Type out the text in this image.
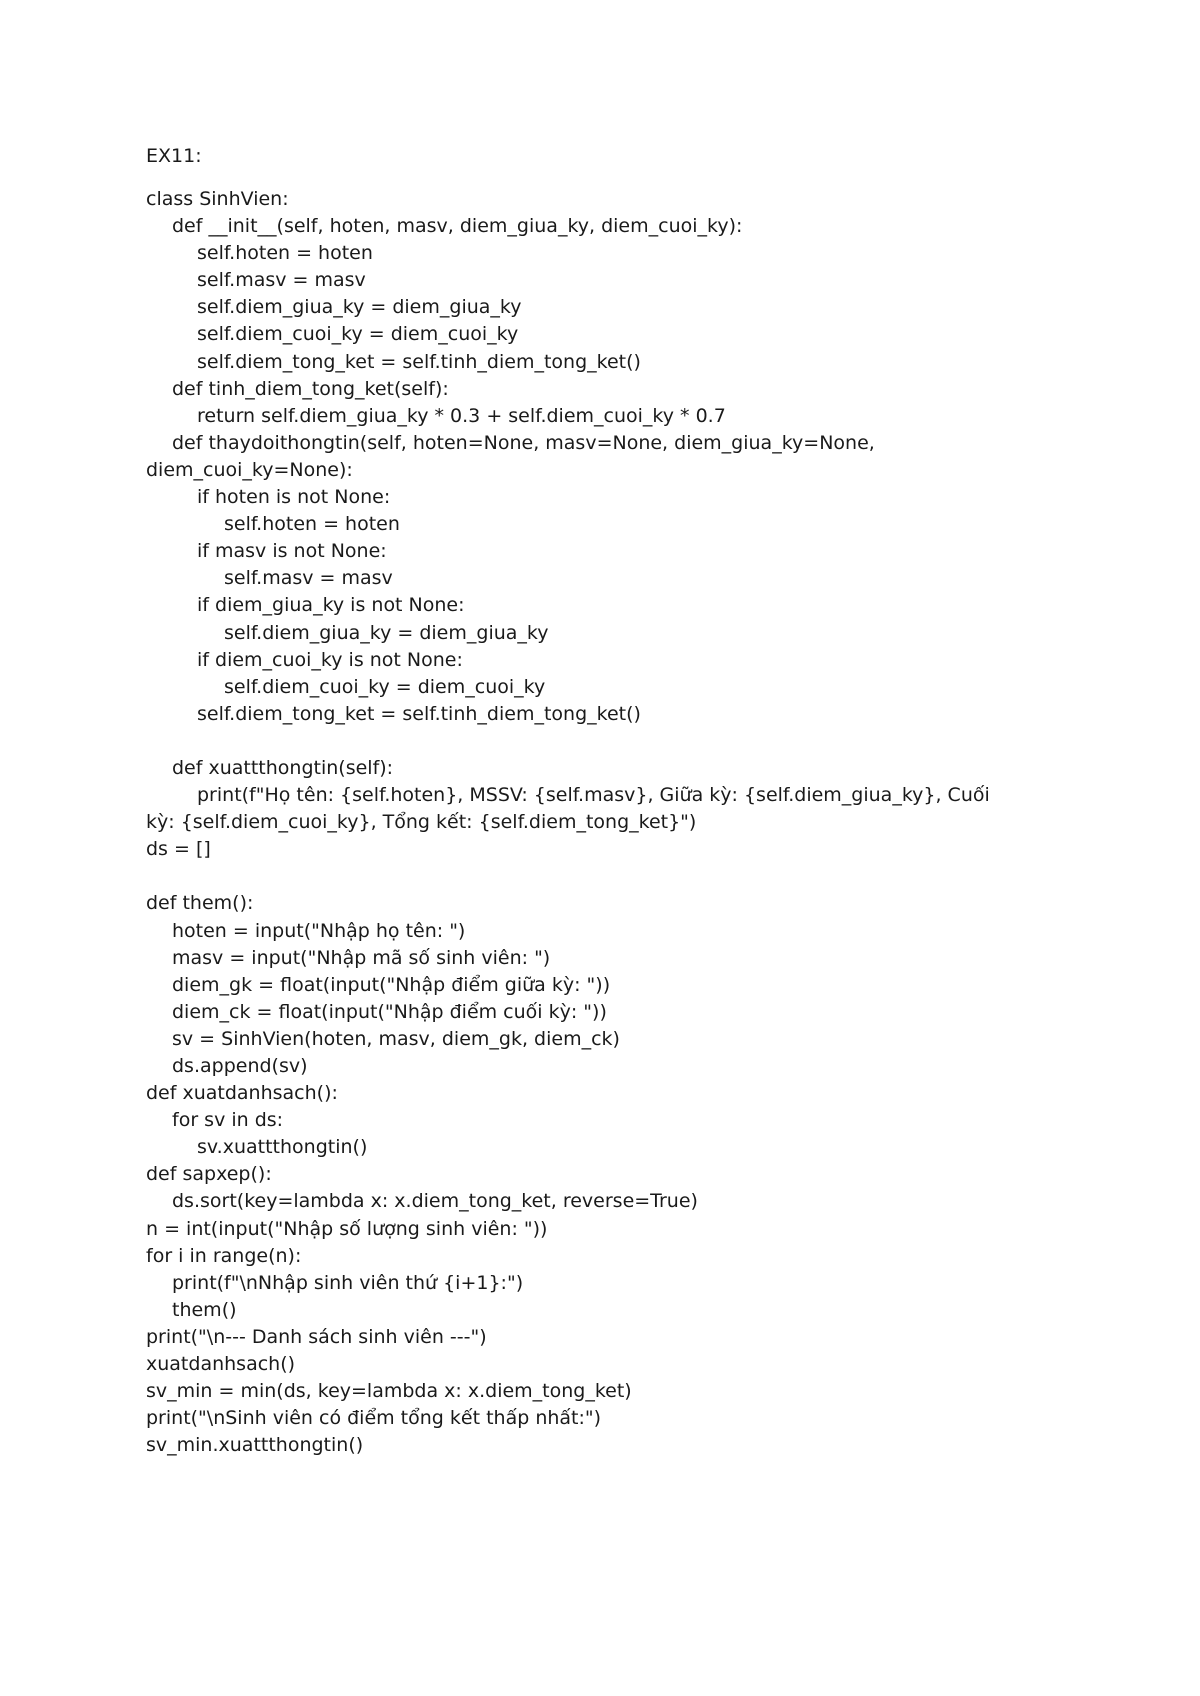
EX11:

class SinhVien:
def __init__(self, hoten, masv, diem_giua_ky, diem_cuoi_ky):
self.hoten = hoten
self.masv = masv
self.diem_giua_ky = diem_giua_ky
self.diem_cuoi_ky = diem_cuoi_ky
self.diem_tong_ket = self.tinh_diem_tong_ket()
def tinh_diem_tong_ket(self):
return self.diem_giua_ky * 0.3 + self.diem_cuoi_ky * 0.7
def thaydoithongtin(self, hoten=None, masv=None, diem_giua_ky=None,
diem_cuoi_ky=None):
if hoten is not None:
self.hoten = hoten
if masv is not None:
self.masv = masv
if diem_giua_ky is not None:
self.diem_giua_ky = diem_giua_ky
if diem_cuoi_ky is not None:
self.diem_cuoi_ky = diem_cuoi_ky
self.diem_tong_ket = self.tinh_diem_tong_ket()
def xuattthongtin(self):
print(f"Họ tên: {self.hoten}, MSSV: {self.masv}, Giữa kỳ: {self.diem_giua_ky}, Cuối
kỳ: {self.diem_cuoi_ky}, Tổng kết: {self.diem_tong_ket}")
ds = []
def them():
hoten = input("Nhập họ tên: ")
masv = input("Nhập mã số sinh viên: ")
diem_gk = float(input("Nhập điểm giữa kỳ: "))
diem_ck = float(input("Nhập điểm cuối kỳ: "))
sv = SinhVien(hoten, masv, diem_gk, diem_ck)
ds.append(sv)
def xuatdanhsach():
for sv in ds:
sv.xuattthongtin()
def sapxep():
ds.sort(key=lambda x: x.diem_tong_ket, reverse=True)
n = int(input("Nhập số lượng sinh viên: "))
for i in range(n):
print(f"\nNhập sinh viên thứ {i+1}:")
them()
print("\n--- Danh sách sinh viên ---")
xuatdanhsach()
sv_min = min(ds, key=lambda x: x.diem_tong_ket)
print("\nSinh viên có điểm tổng kết thấp nhất:")
sv_min.xuattthongtin()
